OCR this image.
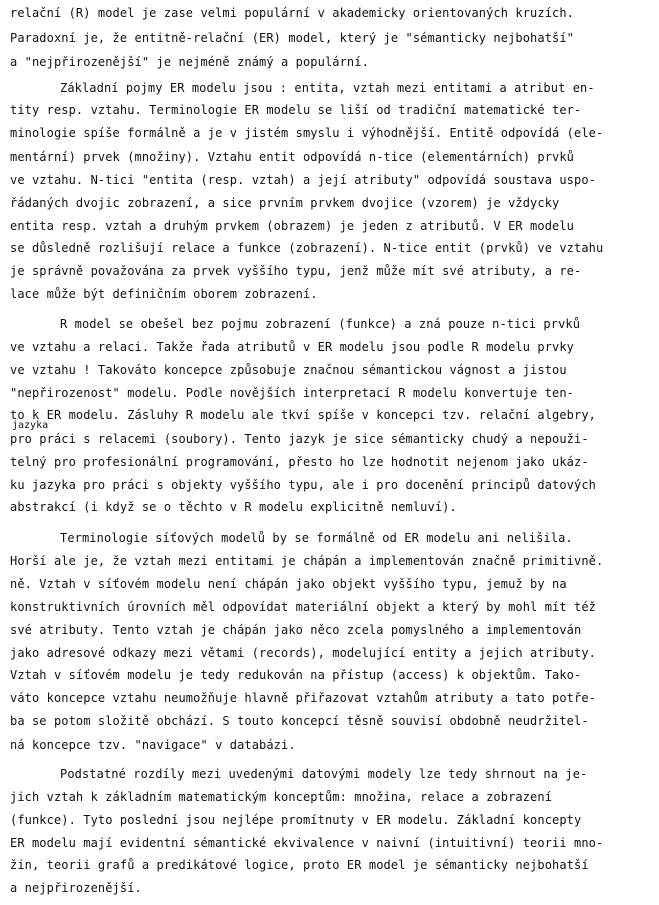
relační (R) model je zase velmi populární v akademicky orientovaných kruzích.
Paradoxní je, že entitně-relační (ER) model, který je "sémanticky nejbohatší"
a "nejpřirozenější" je nejméně známý a populární.
Základní pojmy ER modelu jsou : entita, vztah mezi entitami a atribut en-
tity resp. vztahu. Terminologie ER modelu se liší od tradiční matematické ter-
minologie spíše formálně a je v jistém smyslu i výhodnější. Entitě odpovídá (ele-
mentární) prvek (množiny). Vztahu entit odpovídá n-tice (elementárních) prvků
ve vztahu. N-tici "entita (resp. vztah) a její atributy" odpovídá soustava uspo-
řádaných dvojic zobrazení, a sice prvním prvkem dvojice (vzorem) je vždycky
entita resp. vztah a druhým prvkem (obrazem) je jeden z atributů. V ER modelu
se důsledně rozlišují relace a funkce (zobrazení). N-tice entit (prvků) ve vztahu
je správně považována za prvek vyššího typu, jenž může mít své atributy, a re-
lace může být definičním oborem zobrazení.
R model se obešel bez pojmu zobrazení (funkce) a zná pouze n-tici prvků
ve vztahu a relaci. Takže řada atributů v ER modelu jsou podle R modelu prvky
ve vztahu ! Takováto koncepce způsobuje značnou sémantickou vágnost a jistou
"nepřirozenost" modelu. Podle novějších interpretací R modelu konvertuje ten-
to k ER modelu. Zásluhy R modelu ale tkví spíše v koncepci tzv. relační algebry,
jazyka
pro práci s relacemi (soubory). Tento jazyk je sice sémanticky chudý a nepouži-
telný pro profesionální programování, přesto ho lze hodnotit nejenom jako ukáz-
ku jazyka pro práci s objekty vyššího typu, ale i pro docenění principů datových
abstrakcí (i když se o těchto v R modelu explicitně nemluví).
Terminologie síťových modelů by se formálně od ER modelu ani nelišila.
Horší ale je, že vztah mezi entitami je chápán a implementován značně primitivně.
ně. Vztah v síťovém modelu není chápán jako objekt vyššího typu, jemuž by na
konstruktivních úrovních měl odpovídat materiální objekt a který by mohl mít též
své atributy. Tento vztah je chápán jako něco zcela pomyslného a implementován
jako adresové odkazy mezi větami (records), modelující entity a jejich atributy.
Vztah v síťovém modelu je tedy redukován na přístup (access) k objektům. Tako-
váto koncepce vztahu neumožňuje hlavně přiřazovat vztahům atributy a tato potře-
ba se potom složitě obchází. S touto koncepcí těsně souvisí obdobně neudržitel-
ná koncepce tzv. "navigace" v databázi.
Podstatné rozdíly mezi uvedenými datovými modely lze tedy shrnout na je-
jich vztah k základním matematickým konceptům: množina, relace a zobrazení
(funkce). Tyto poslední jsou nejlépe promítnuty v ER modelu. Základní koncepty
ER modelu mají evidentní sémantické ekvivalence v naivní (intuitivní) teorii mno-
žin, teorii grafů a predikátové logice, proto ER model je sémanticky nejbohatší
a nejpřirozenější.
